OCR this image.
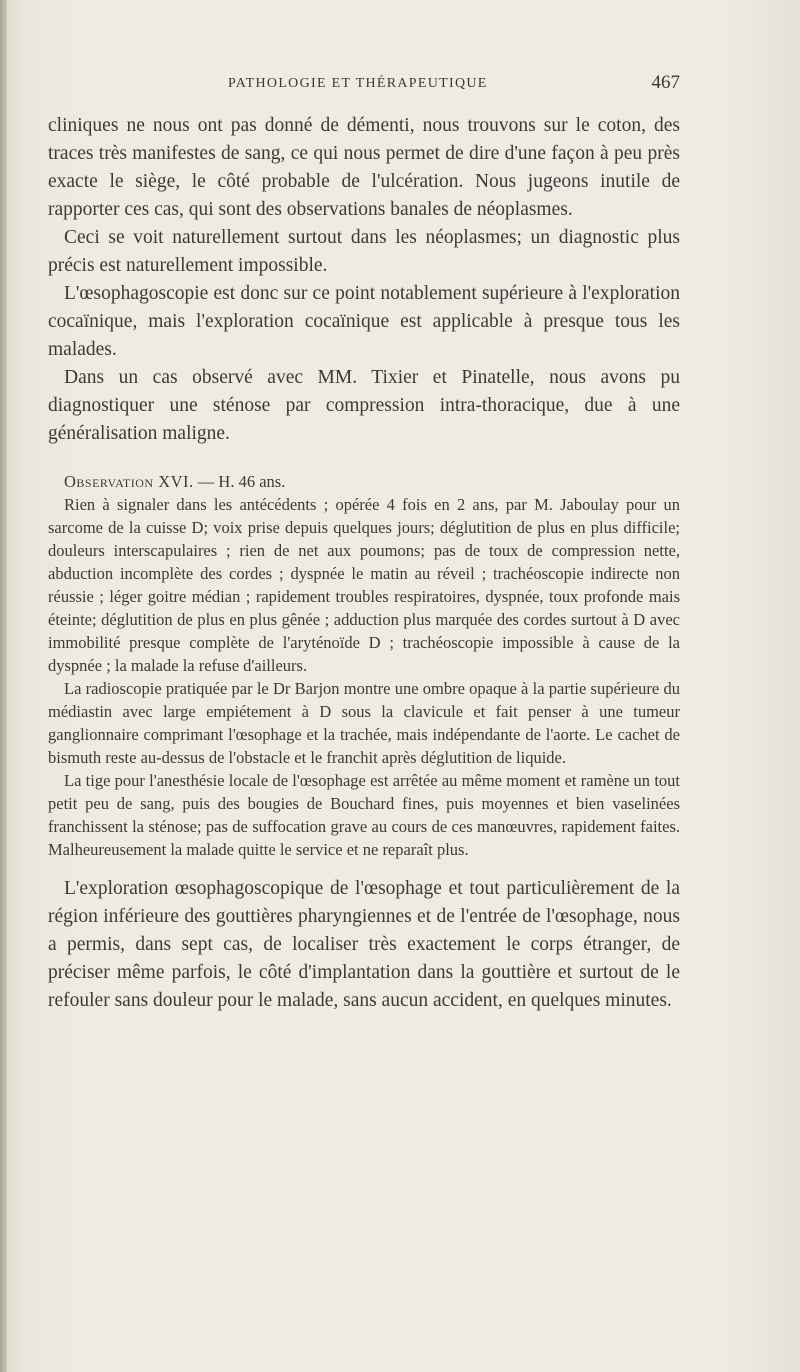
PATHOLOGIE ET THÉRAPEUTIQUE	467

cliniques ne nous ont pas donné de démenti, nous trouvons sur le coton, des traces très manifestes de sang, ce qui nous permet de dire d'une façon à peu près exacte le siège, le côté probable de l'ulcération. Nous jugeons inutile de rapporter ces cas, qui sont des observations banales de néoplasmes.

Ceci se voit naturellement surtout dans les néoplasmes; un diagnostic plus précis est naturellement impossible.

L'œsophagoscopie est donc sur ce point notablement supérieure à l'exploration cocaïnique, mais l'exploration cocaïnique est applicable à presque tous les malades.

Dans un cas observé avec MM. Tixier et Pinatelle, nous avons pu diagnostiquer une sténose par compression intra-thoracique, due à une généralisation maligne.

Observation XVI. — H. 46 ans.

Rien à signaler dans les antécédents ; opérée 4 fois en 2 ans, par M. Jaboulay pour un sarcome de la cuisse D; voix prise depuis quelques jours; déglutition de plus en plus difficile; douleurs interscapulaires ; rien de net aux poumons; pas de toux de compression nette, abduction incomplète des cordes ; dyspnée le matin au réveil ; trachéoscopie indirecte non réussie ; léger goitre médian ; rapidement troubles respiratoires, dyspnée, toux profonde mais éteinte; déglutition de plus en plus gênée ; adduction plus marquée des cordes surtout à D avec immobilité presque complète de l'aryténoïde D ; trachéoscopie impossible à cause de la dyspnée ; la malade la refuse d'ailleurs.

La radioscopie pratiquée par le Dr Barjon montre une ombre opaque à la partie supérieure du médiastin avec large empiétement à D sous la clavicule et fait penser à une tumeur ganglionnaire comprimant l'œsophage et la trachée, mais indépendante de l'aorte. Le cachet de bismuth reste au-dessus de l'obstacle et le franchit après déglutition de liquide.

La tige pour l'anesthésie locale de l'œsophage est arrêtée au même moment et ramène un tout petit peu de sang, puis des bougies de Bouchard fines, puis moyennes et bien vaselinées franchissent la sténose; pas de suffocation grave au cours de ces manœuvres, rapidement faites. Malheureusement la malade quitte le service et ne reparaît plus.

L'exploration œsophagoscopique de l'œsophage et tout particulièrement de la région inférieure des gouttières pharyngiennes et de l'entrée de l'œsophage, nous a permis, dans sept cas, de localiser très exactement le corps étranger, de préciser même parfois, le côté d'implantation dans la gouttière et surtout de le refouler sans douleur pour le malade, sans aucun accident, en quelques minutes.
